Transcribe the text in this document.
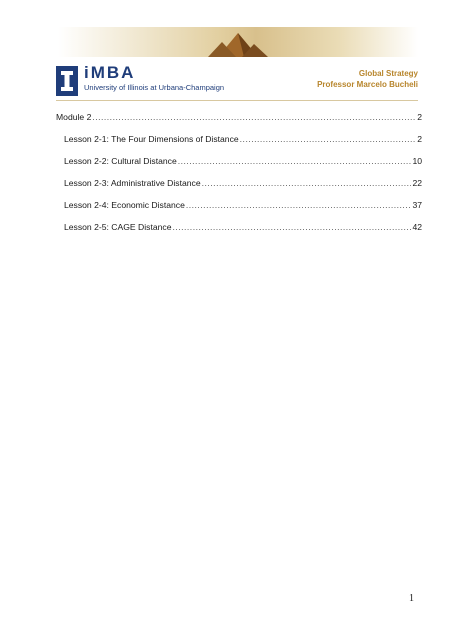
iMBA
University of Illinois at Urbana-Champaign
Global Strategy
Professor Marcelo Bucheli
Module 2 .....	2
Lesson 2-1: The Four Dimensions of Distance .....	2
Lesson 2-2: Cultural Distance .....	10
Lesson 2-3: Administrative Distance .....	22
Lesson 2-4: Economic Distance .....	37
Lesson 2-5: CAGE Distance .....	42
1
